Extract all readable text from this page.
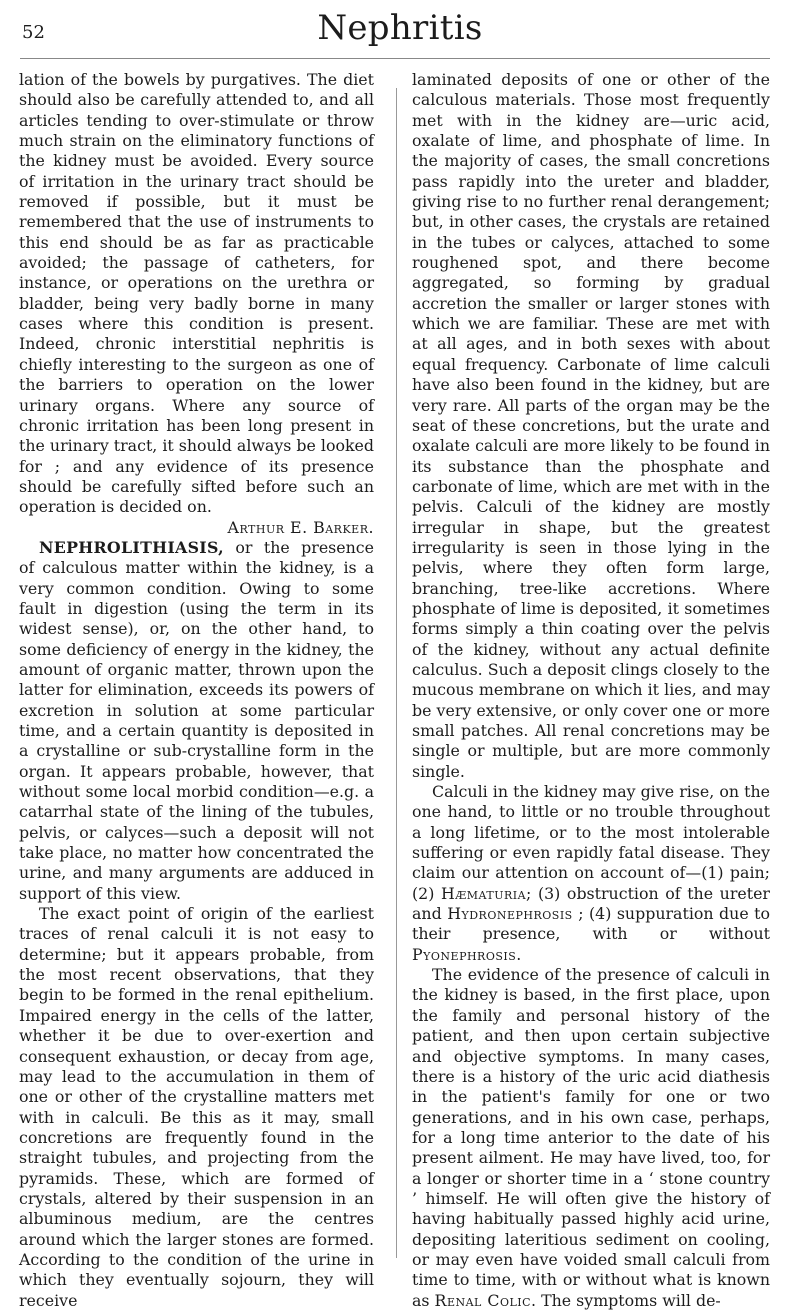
52	Nephritis

lation of the bowels by purgatives. The diet should also be carefully attended to, and all articles tending to over-stimulate or throw much strain on the eliminatory functions of the kidney must be avoided. Every source of irritation in the urinary tract should be removed if possible, but it must be remembered that the use of instruments to this end should be as far as practicable avoided; the passage of catheters, for instance, or operations on the urethra or bladder, being very badly borne in many cases where this condition is present. Indeed, chronic interstitial nephritis is chiefly interesting to the surgeon as one of the barriers to operation on the lower urinary organs. Where any source of chronic irritation has been long present in the urinary tract, it should always be looked for ; and any evidence of its presence should be carefully sifted before such an operation is decided on.
Arthur E. Barker.

NEPHROLITHIASIS, or the presence of calculous matter within the kidney, is a very common condition. Owing to some fault in digestion (using the term in its widest sense), or, on the other hand, to some deficiency of energy in the kidney, the amount of organic matter, thrown upon the latter for elimination, exceeds its powers of excretion in solution at some particular time, and a certain quantity is deposited in a crystalline or sub-crystalline form in the organ. It appears probable, however, that without some local morbid condition—e.g. a catarrhal state of the lining of the tubules, pelvis, or calyces—such a deposit will not take place, no matter how concentrated the urine, and many arguments are adduced in support of this view.

The exact point of origin of the earliest traces of renal calculi it is not easy to determine; but it appears probable, from the most recent observations, that they begin to be formed in the renal epithelium. Impaired energy in the cells of the latter, whether it be due to over-exertion and consequent exhaustion, or decay from age, may lead to the accumulation in them of one or other of the crystalline matters met with in calculi. Be this as it may, small concretions are frequently found in the straight tubules, and projecting from the pyramids. These, which are formed of crystals, altered by their suspension in an albuminous medium, are the centres around which the larger stones are formed. According to the condition of the urine in which they eventually sojourn, they will receive

laminated deposits of one or other of the calculous materials. Those most frequently met with in the kidney are—uric acid, oxalate of lime, and phosphate of lime. In the majority of cases, the small concretions pass rapidly into the ureter and bladder, giving rise to no further renal derangement; but, in other cases, the crystals are retained in the tubes or calyces, attached to some roughened spot, and there become aggregated, so forming by gradual accretion the smaller or larger stones with which we are familiar. These are met with at all ages, and in both sexes with about equal frequency. Carbonate of lime calculi have also been found in the kidney, but are very rare. All parts of the organ may be the seat of these concretions, but the urate and oxalate calculi are more likely to be found in its substance than the phosphate and carbonate of lime, which are met with in the pelvis. Calculi of the kidney are mostly irregular in shape, but the greatest irregularity is seen in those lying in the pelvis, where they often form large, branching, tree-like accretions. Where phosphate of lime is deposited, it sometimes forms simply a thin coating over the pelvis of the kidney, without any actual definite calculus. Such a deposit clings closely to the mucous membrane on which it lies, and may be very extensive, or only cover one or more small patches. All renal concretions may be single or multiple, but are more commonly single.

Calculi in the kidney may give rise, on the one hand, to little or no trouble throughout a long lifetime, or to the most intolerable suffering or even rapidly fatal disease. They claim our attention on account of—(1) pain; (2) Hæmaturia; (3) obstruction of the ureter and Hydronephrosis ; (4) suppuration due to their presence, with or without Pyonephrosis.

The evidence of the presence of calculi in the kidney is based, in the first place, upon the family and personal history of the patient, and then upon certain subjective and objective symptoms. In many cases, there is a history of the uric acid diathesis in the patient's family for one or two generations, and in his own case, perhaps, for a long time anterior to the date of his present ailment. He may have lived, too, for a longer or shorter time in a ‘ stone country ’ himself. He will often give the history of having habitually passed highly acid urine, depositing lateritious sediment on cooling, or may even have voided small calculi from time to time, with or without what is known as Renal Colic. The symptoms will de-
